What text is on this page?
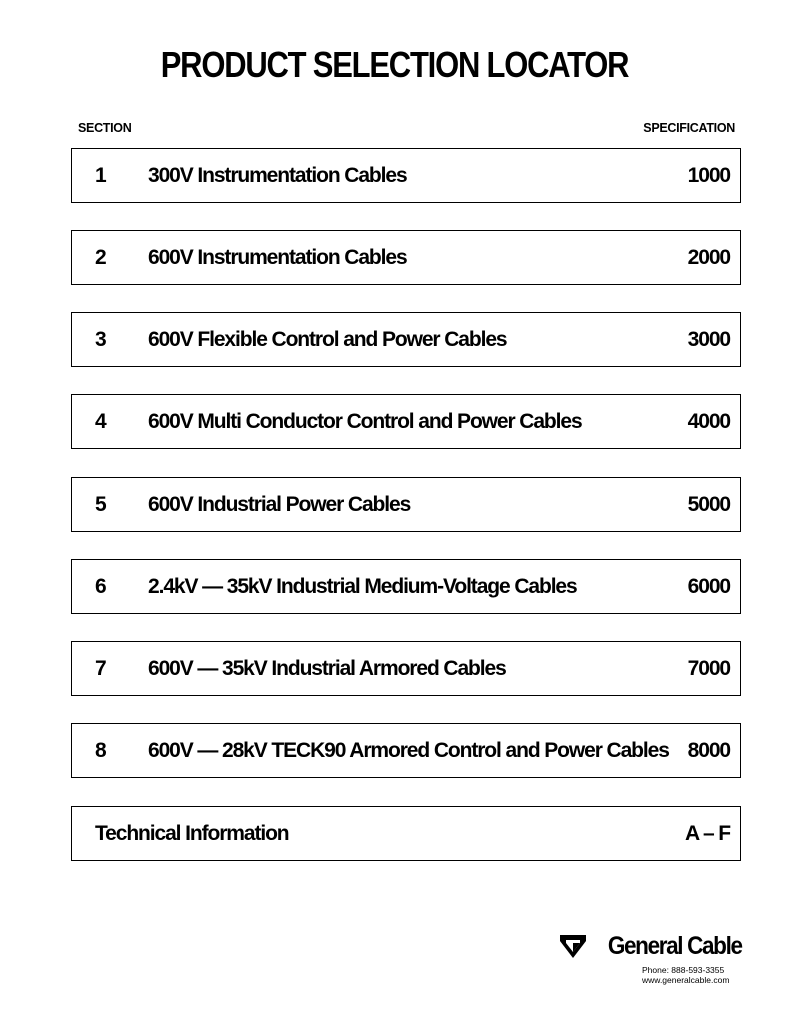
PRODUCT SELECTION LOCATOR
SECTION	SPECIFICATION
1 300V Instrumentation Cables	1000
2 600V Instrumentation Cables	2000
3 600V Flexible Control and Power Cables	3000
4 600V Multi Conductor Control and Power Cables	4000
5 600V Industrial Power Cables	5000
6 2.4kV — 35kV Industrial Medium-Voltage Cables	6000
7 600V — 35kV Industrial Armored Cables	7000
8 600V — 28kV TECK90 Armored Control and Power Cables 8000
Technical Information	A – F
General Cable
Phone: 888-593-3355
www.generalcable.com
